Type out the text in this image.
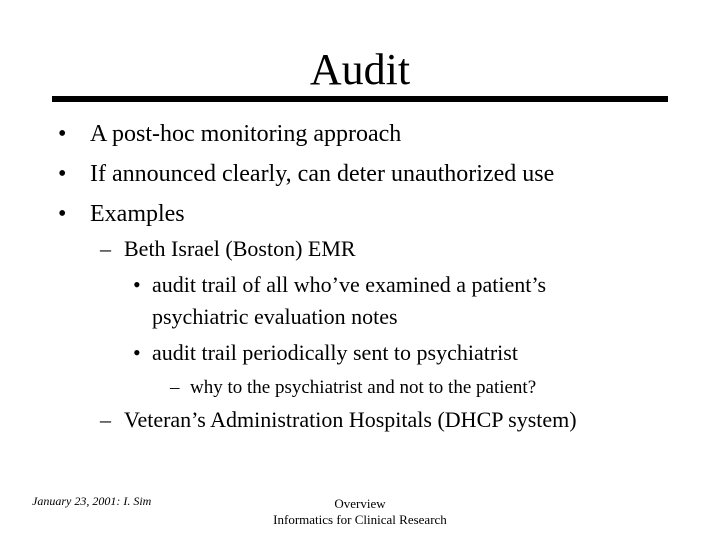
Audit
• A post-hoc monitoring approach
• If announced clearly, can deter unauthorized use
• Examples
– Beth Israel (Boston) EMR
• audit trail of all who’ve examined a patient’s
psychiatric evaluation notes
• audit trail periodically sent to psychiatrist
– why to the psychiatrist and not to the patient?
– Veteran’s Administration Hospitals (DHCP system)
January 23, 2001: I. Sim	Overview
Informatics for Clinical Research
